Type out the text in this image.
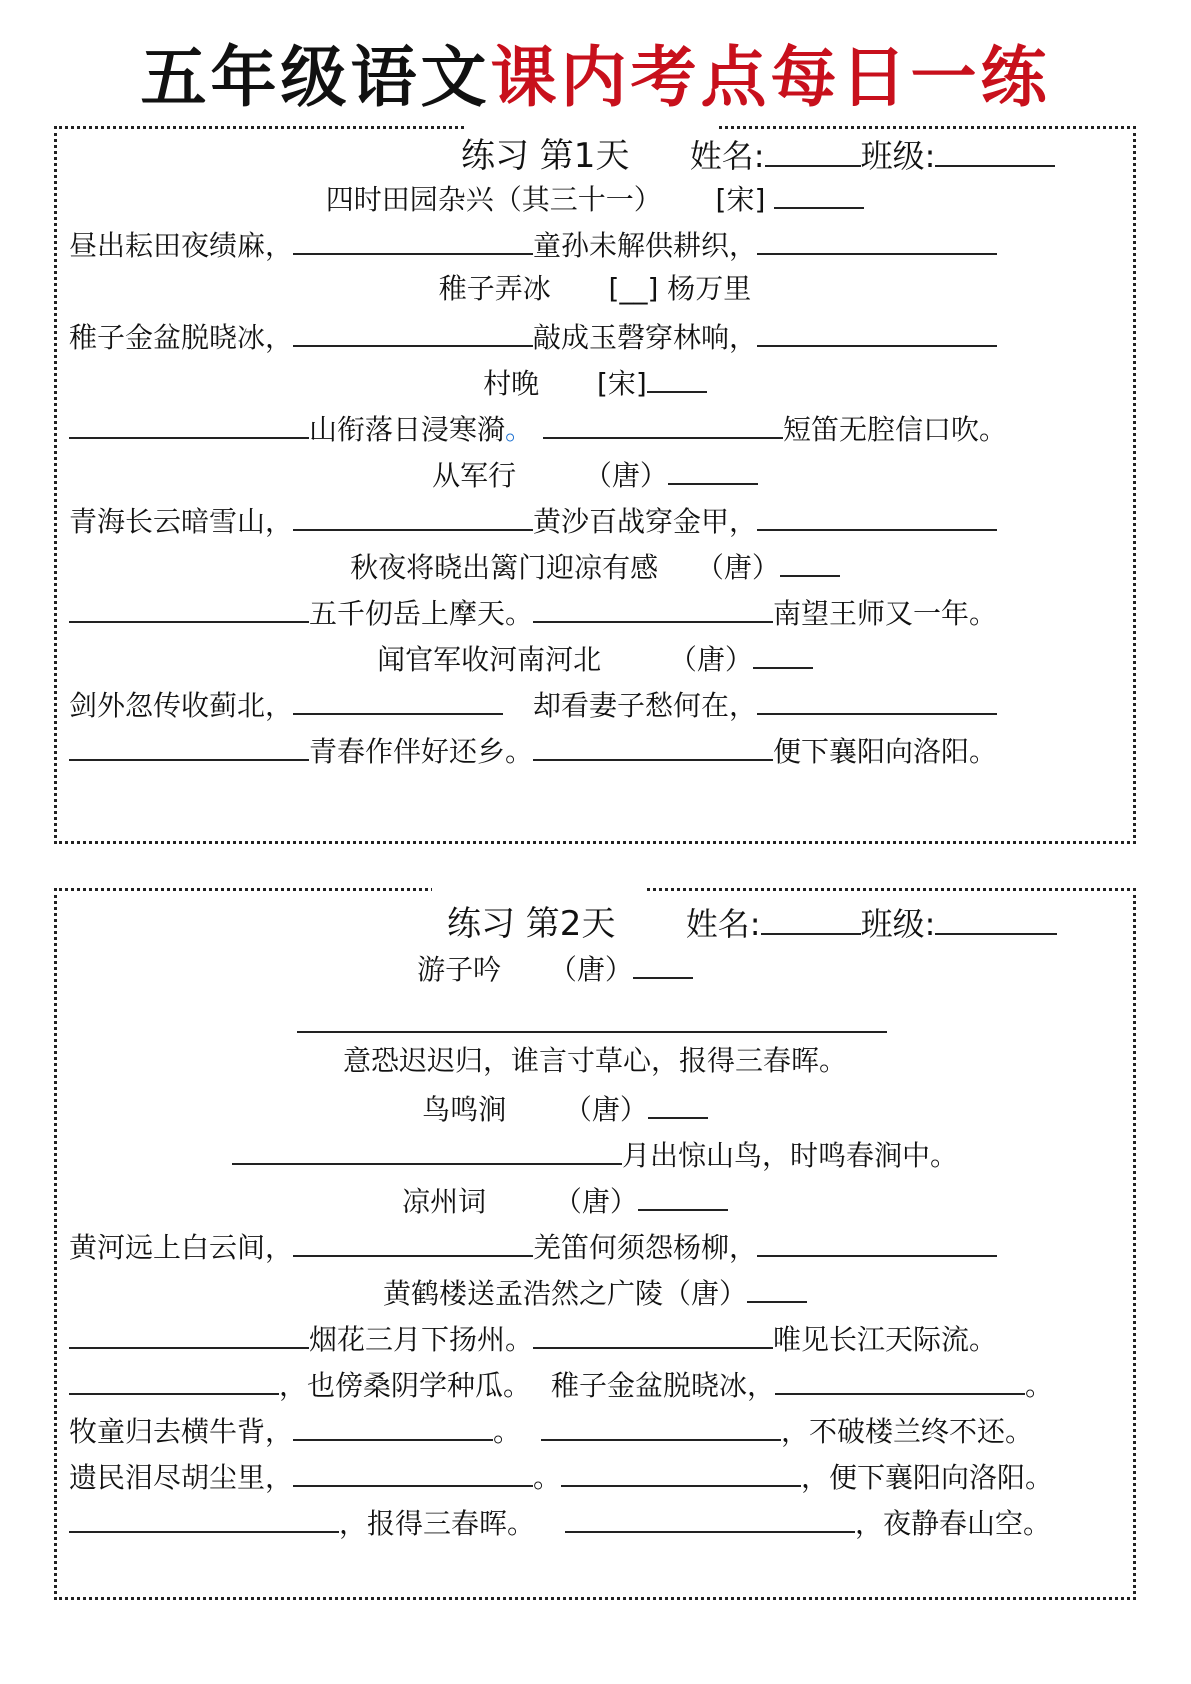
五年级语文课内考点每日一练
练习 第1天 姓名:	班级:
四时田园杂兴（其三十一） [宋]
昼出耘田夜绩麻，	童孙未解供耕织，
稚子弄冰 [__] 杨万里
稚子金盆脱晓冰，	敲成玉磬穿林响，
村晚 [宋]
山衔落日浸寒漪。	短笛无腔信口吹。
从军行 （唐）
青海长云暗雪山，	黄沙百战穿金甲，
秋夜将晓出篱门迎凉有感 （唐）
五千仞岳上摩天。	南望王师又一年。
闻官军收河南河北 （唐）
剑外忽传收蓟北，	却看妻子愁何在，
青春作伴好还乡。	便下襄阳向洛阳。
练习 第2天 姓名:	班级:
游子吟 （唐）
意恐迟迟归，谁言寸草心，报得三春晖。
鸟鸣涧 （唐）
月出惊山鸟，时鸣春涧中。
凉州词 （唐）
黄河远上白云间，	羌笛何须怨杨柳，
黄鹤楼送孟浩然之广陵（唐）
烟花三月下扬州。	唯见长江天际流。
，也傍桑阴学种瓜。 稚子金盆脱晓冰，	。
牧童归去横牛背，	。	，不破楼兰终不还。
遗民泪尽胡尘里，	。	，便下襄阳向洛阳。
，报得三春晖。	，夜静春山空。
